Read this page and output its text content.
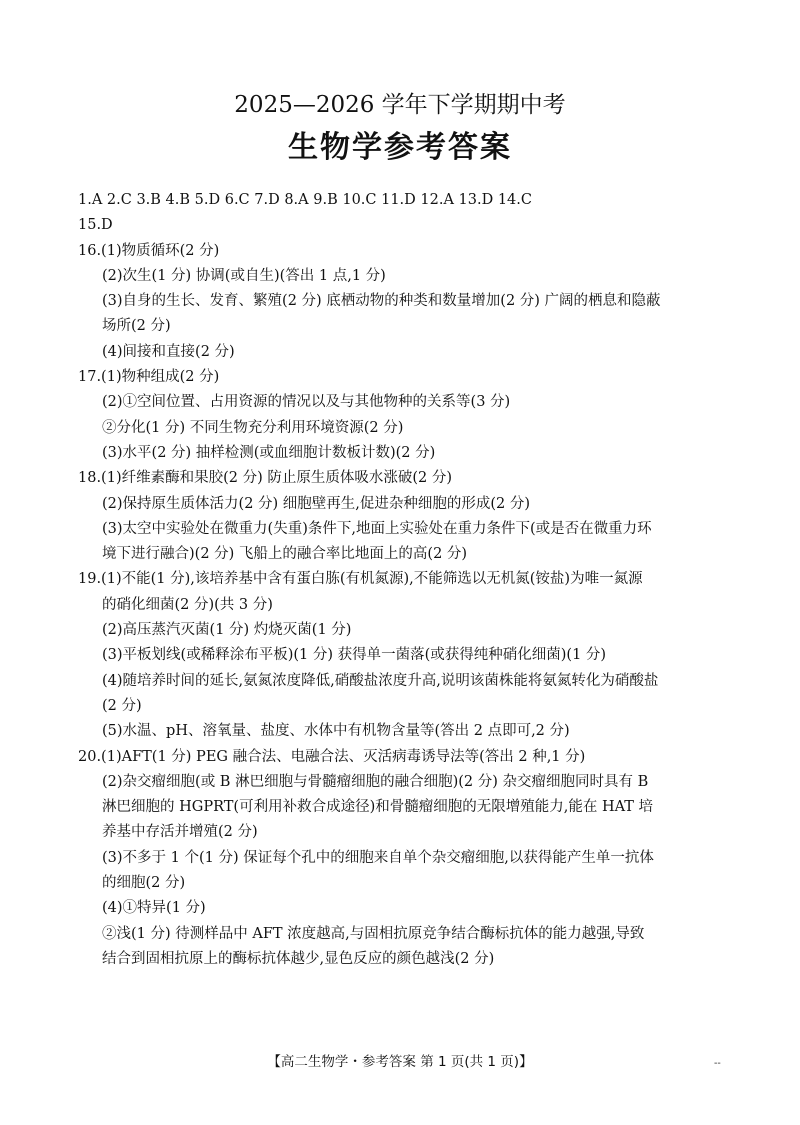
2025—2026 学年下学期期中考
生物学参考答案
1.A 2.C 3.B 4.B 5.D 6.C 7.D 8.A 9.B 10.C 11.D 12.A 13.D 14.C
15.D
16.(1)物质循环(2 分)
(2)次生(1 分) 协调(或自生)(答出 1 点,1 分)
(3)自身的生长、发育、繁殖(2 分) 底栖动物的种类和数量增加(2 分) 广阔的栖息和隐蔽
场所(2 分)
(4)间接和直接(2 分)
17.(1)物种组成(2 分)
(2)①空间位置、占用资源的情况以及与其他物种的关系等(3 分)
②分化(1 分) 不同生物充分利用环境资源(2 分)
(3)水平(2 分) 抽样检测(或血细胞计数板计数)(2 分)
18.(1)纤维素酶和果胶(2 分) 防止原生质体吸水涨破(2 分)
(2)保持原生质体活力(2 分) 细胞壁再生,促进杂种细胞的形成(2 分)
(3)太空中实验处在微重力(失重)条件下,地面上实验处在重力条件下(或是否在微重力环
境下进行融合)(2 分) 飞船上的融合率比地面上的高(2 分)
19.(1)不能(1 分),该培养基中含有蛋白胨(有机氮源),不能筛选以无机氮(铵盐)为唯一氮源
的硝化细菌(2 分)(共 3 分)
(2)高压蒸汽灭菌(1 分) 灼烧灭菌(1 分)
(3)平板划线(或稀释涂布平板)(1 分) 获得单一菌落(或获得纯种硝化细菌)(1 分)
(4)随培养时间的延长,氨氮浓度降低,硝酸盐浓度升高,说明该菌株能将氨氮转化为硝酸盐
(2 分)
(5)水温、pH、溶氧量、盐度、水体中有机物含量等(答出 2 点即可,2 分)
20.(1)AFT(1 分) PEG 融合法、电融合法、灭活病毒诱导法等(答出 2 种,1 分)
(2)杂交瘤细胞(或 B 淋巴细胞与骨髓瘤细胞的融合细胞)(2 分) 杂交瘤细胞同时具有 B
淋巴细胞的 HGPRT(可利用补救合成途径)和骨髓瘤细胞的无限增殖能力,能在 HAT 培
养基中存活并增殖(2 分)
(3)不多于 1 个(1 分) 保证每个孔中的细胞来自单个杂交瘤细胞,以获得能产生单一抗体
的细胞(2 分)
(4)①特异(1 分)
②浅(1 分) 待测样品中 AFT 浓度越高,与固相抗原竞争结合酶标抗体的能力越强,导致
结合到固相抗原上的酶标抗体越少,显色反应的颜色越浅(2 分)
【高二生物学・参考答案 第 1 页(共 1 页)】	--
